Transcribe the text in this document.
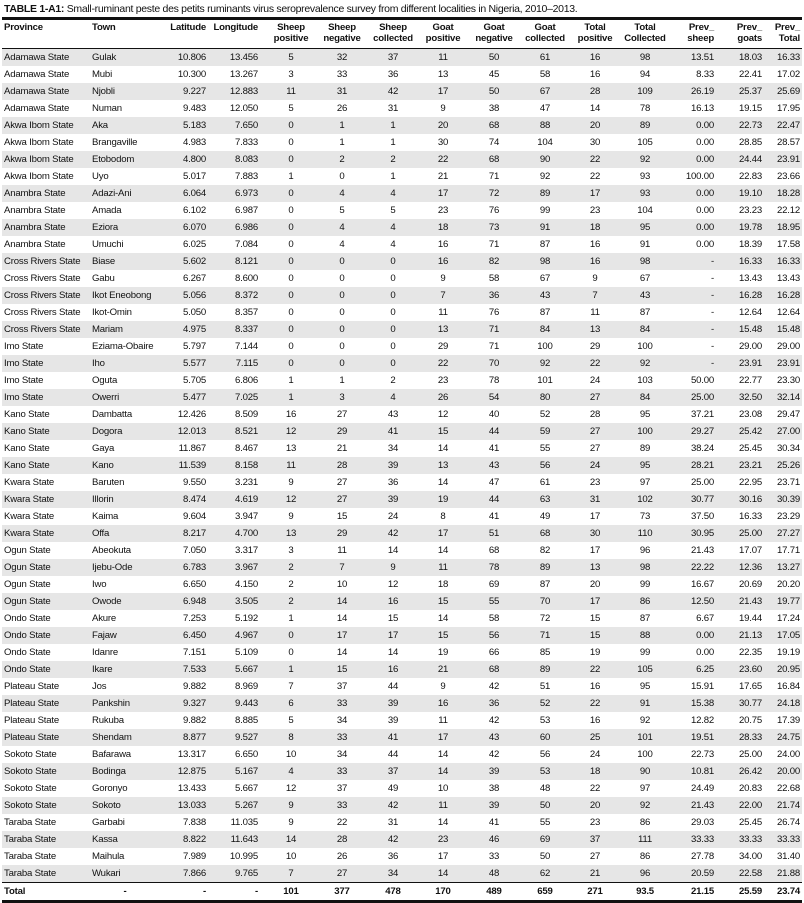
TABLE 1-A1: Small-ruminant peste des petits ruminants virus seroprevalence survey from different localities in Nigeria, 2010–2013.
Province	Town	Latitude	Longitude	Sheep positive	Sheep negative	Sheep collected	Goat positive	Goat negative	Goat collected	Total positive	Total Collected	Prev_ sheep	Prev_ goats	Prev_ Total
Adamawa State	Gulak	10.806	13.456	5	32	37	11	50	61	16	98	13.51	18.03	16.33
Adamawa State	Mubi	10.300	13.267	3	33	36	13	45	58	16	94	8.33	22.41	17.02
Adamawa State	Njobli	9.227	12.883	11	31	42	17	50	67	28	109	26.19	25.37	25.69
Adamawa State	Numan	9.483	12.050	5	26	31	9	38	47	14	78	16.13	19.15	17.95
Akwa Ibom State	Aka	5.183	7.650	0	1	1	20	68	88	20	89	0.00	22.73	22.47
Akwa Ibom State	Brangaville	4.983	7.833	0	1	1	30	74	104	30	105	0.00	28.85	28.57
Akwa Ibom State	Etobodom	4.800	8.083	0	2	2	22	68	90	22	92	0.00	24.44	23.91
Akwa Ibom State	Uyo	5.017	7.883	1	0	1	21	71	92	22	93	100.00	22.83	23.66
Anambra State	Adazi-Ani	6.064	6.973	0	4	4	17	72	89	17	93	0.00	19.10	18.28
Anambra State	Amada	6.102	6.987	0	5	5	23	76	99	23	104	0.00	23.23	22.12
Anambra State	Eziora	6.070	6.986	0	4	4	18	73	91	18	95	0.00	19.78	18.95
Anambra State	Umuchi	6.025	7.084	0	4	4	16	71	87	16	91	0.00	18.39	17.58
Cross Rivers State	Biase	5.602	8.121	0	0	0	16	82	98	16	98	-	16.33	16.33
Cross Rivers State	Gabu	6.267	8.600	0	0	0	9	58	67	9	67	-	13.43	13.43
Cross Rivers State	Ikot Eneobong	5.056	8.372	0	0	0	7	36	43	7	43	-	16.28	16.28
Cross Rivers State	Ikot-Omin	5.050	8.357	0	0	0	11	76	87	11	87	-	12.64	12.64
Cross Rivers State	Mariam	4.975	8.337	0	0	0	13	71	84	13	84	-	15.48	15.48
Imo State	Eziama-Obaire	5.797	7.144	0	0	0	29	71	100	29	100	-	29.00	29.00
Imo State	Iho	5.577	7.115	0	0	0	22	70	92	22	92	-	23.91	23.91
Imo State	Oguta	5.705	6.806	1	1	2	23	78	101	24	103	50.00	22.77	23.30
Imo State	Owerri	5.477	7.025	1	3	4	26	54	80	27	84	25.00	32.50	32.14
Kano State	Dambatta	12.426	8.509	16	27	43	12	40	52	28	95	37.21	23.08	29.47
Kano State	Dogora	12.013	8.521	12	29	41	15	44	59	27	100	29.27	25.42	27.00
Kano State	Gaya	11.867	8.467	13	21	34	14	41	55	27	89	38.24	25.45	30.34
Kano State	Kano	11.539	8.158	11	28	39	13	43	56	24	95	28.21	23.21	25.26
Kwara State	Baruten	9.550	3.231	9	27	36	14	47	61	23	97	25.00	22.95	23.71
Kwara State	Illorin	8.474	4.619	12	27	39	19	44	63	31	102	30.77	30.16	30.39
Kwara State	Kaima	9.604	3.947	9	15	24	8	41	49	17	73	37.50	16.33	23.29
Kwara State	Offa	8.217	4.700	13	29	42	17	51	68	30	110	30.95	25.00	27.27
Ogun State	Abeokuta	7.050	3.317	3	11	14	14	68	82	17	96	21.43	17.07	17.71
Ogun State	Ijebu-Ode	6.783	3.967	2	7	9	11	78	89	13	98	22.22	12.36	13.27
Ogun State	Iwo	6.650	4.150	2	10	12	18	69	87	20	99	16.67	20.69	20.20
Ogun State	Owode	6.948	3.505	2	14	16	15	55	70	17	86	12.50	21.43	19.77
Ondo State	Akure	7.253	5.192	1	14	15	14	58	72	15	87	6.67	19.44	17.24
Ondo State	Fajaw	6.450	4.967	0	17	17	15	56	71	15	88	0.00	21.13	17.05
Ondo State	Idanre	7.151	5.109	0	14	14	19	66	85	19	99	0.00	22.35	19.19
Ondo State	Ikare	7.533	5.667	1	15	16	21	68	89	22	105	6.25	23.60	20.95
Plateau State	Jos	9.882	8.969	7	37	44	9	42	51	16	95	15.91	17.65	16.84
Plateau State	Pankshin	9.327	9.443	6	33	39	16	36	52	22	91	15.38	30.77	24.18
Plateau State	Rukuba	9.882	8.885	5	34	39	11	42	53	16	92	12.82	20.75	17.39
Plateau State	Shendam	8.877	9.527	8	33	41	17	43	60	25	101	19.51	28.33	24.75
Sokoto State	Bafarawa	13.317	6.650	10	34	44	14	42	56	24	100	22.73	25.00	24.00
Sokoto State	Bodinga	12.875	5.167	4	33	37	14	39	53	18	90	10.81	26.42	20.00
Sokoto State	Goronyo	13.433	5.667	12	37	49	10	38	48	22	97	24.49	20.83	22.68
Sokoto State	Sokoto	13.033	5.267	9	33	42	11	39	50	20	92	21.43	22.00	21.74
Taraba State	Garbabi	7.838	11.035	9	22	31	14	41	55	23	86	29.03	25.45	26.74
Taraba State	Kassa	8.822	11.643	14	28	42	23	46	69	37	111	33.33	33.33	33.33
Taraba State	Maihula	7.989	10.995	10	26	36	17	33	50	27	86	27.78	34.00	31.40
Taraba State	Wukari	7.866	9.765	7	27	34	14	48	62	21	96	20.59	22.58	21.88
Total	-	-	-	101	377	478	170	489	659	271	93.5	21.15	25.59	23.74
